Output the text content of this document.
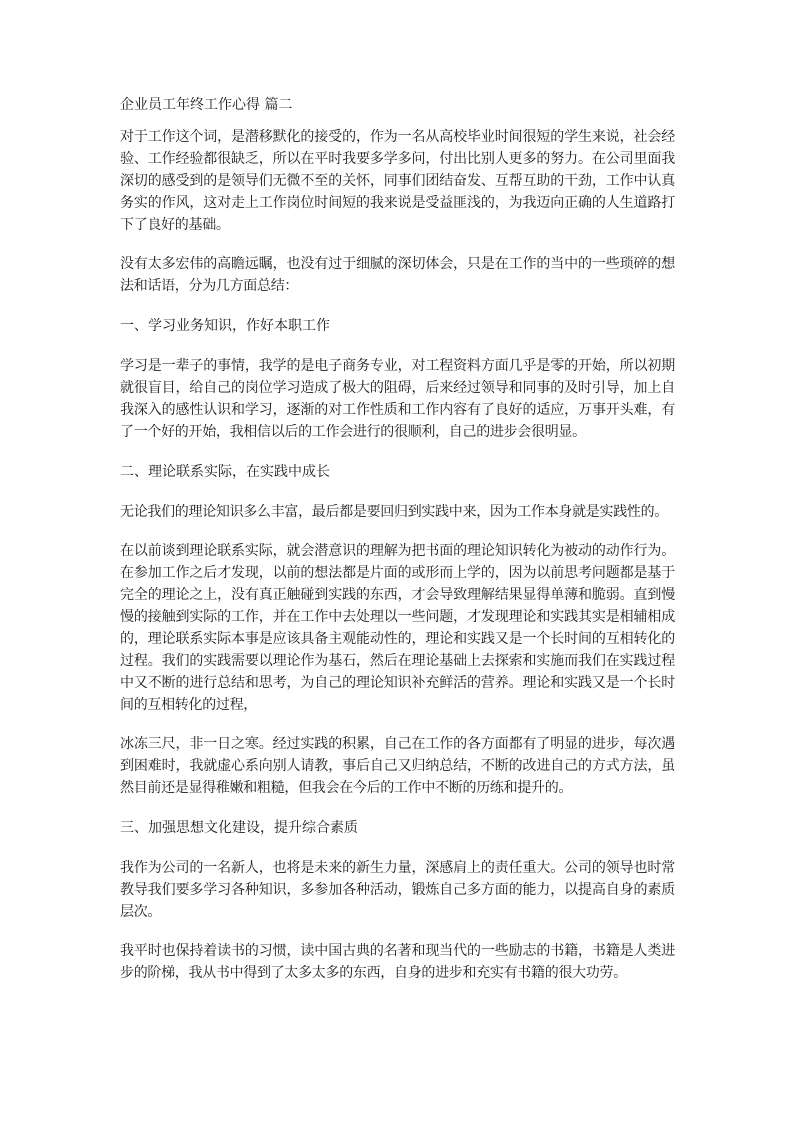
企业员工年终工作心得 篇二

对于工作这个词，是潜移默化的接受的，作为一名从高校毕业时间很短的学生来说，社会经验、工作经验都很缺乏，所以在平时我要多学多问，付出比别人更多的努力。在公司里面我深切的感受到的是领导们无微不至的关怀，同事们团结奋发、互帮互助的干劲，工作中认真务实的作风，这对走上工作岗位时间短的我来说是受益匪浅的，为我迈向正确的人生道路打下了良好的基础。

没有太多宏伟的高瞻远瞩，也没有过于细腻的深切体会，只是在工作的当中的一些琐碎的想法和话语，分为几方面总结：

一、学习业务知识，作好本职工作

学习是一辈子的事情，我学的是电子商务专业，对工程资料方面几乎是零的开始，所以初期就很盲目，给自己的岗位学习造成了极大的阻碍，后来经过领导和同事的及时引导，加上自我深入的感性认识和学习，逐渐的对工作性质和工作内容有了良好的适应，万事开头难，有了一个好的开始，我相信以后的工作会进行的很顺利，自己的进步会很明显。

二、理论联系实际，在实践中成长

无论我们的理论知识多么丰富，最后都是要回归到实践中来，因为工作本身就是实践性的。

在以前谈到理论联系实际，就会潜意识的理解为把书面的理论知识转化为被动的动作行为。在参加工作之后才发现，以前的想法都是片面的或形而上学的，因为以前思考问题都是基于完全的理论之上，没有真正触碰到实践的东西，才会导致理解结果显得单薄和脆弱。直到慢慢的接触到实际的工作，并在工作中去处理以一些问题，才发现理论和实践其实是相辅相成的，理论联系实际本事是应该具备主观能动性的，理论和实践又是一个长时间的互相转化的过程。我们的实践需要以理论作为基石，然后在理论基础上去探索和实施而我们在实践过程中又不断的进行总结和思考，为自己的理论知识补充鲜活的营养。理论和实践又是一个长时间的互相转化的过程，

冰冻三尺，非一日之寒。经过实践的积累，自己在工作的各方面都有了明显的进步，每次遇到困难时，我就虚心系向别人请教，事后自己又归纳总结，不断的改进自己的方式方法，虽然目前还是显得稚嫩和粗糙，但我会在今后的工作中不断的历练和提升的。

三、加强思想文化建设，提升综合素质

我作为公司的一名新人，也将是未来的新生力量，深感肩上的责任重大。公司的领导也时常教导我们要多学习各种知识，多参加各种活动，锻炼自己多方面的能力，以提高自身的素质层次。

我平时也保持着读书的习惯，读中国古典的名著和现当代的一些励志的书籍，书籍是人类进步的阶梯，我从书中得到了太多太多的东西，自身的进步和充实有书籍的很大功劳。
